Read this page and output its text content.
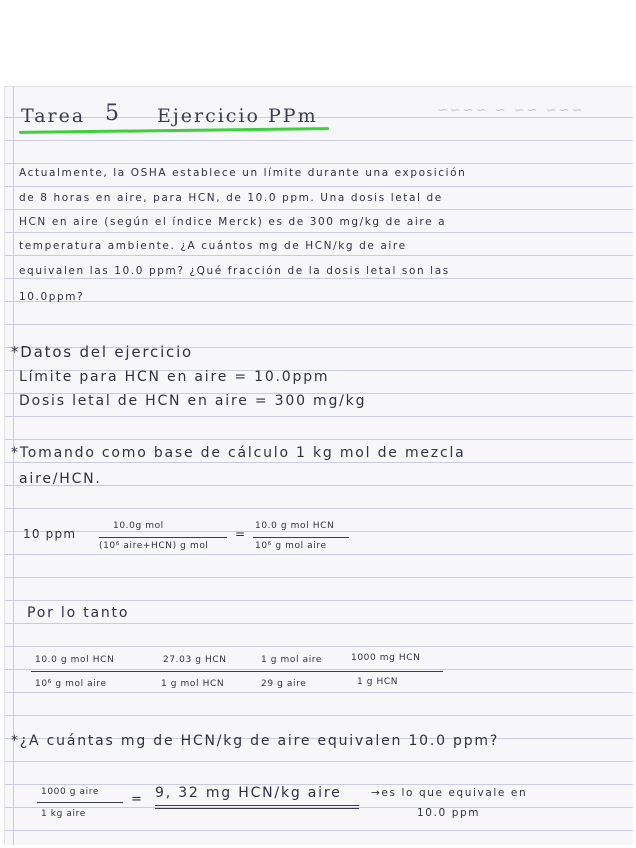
~~~ ~~ ~ ~~~~
Tarea 5 Ejercicio PPm
Actualmente, la OSHA establece un límite durante una exposición
de 8 horas en aire, para HCN, de 10.0 ppm. Una dosis letal de
HCN en aire (según el índice Merck) es de 300 mg/kg de aire a
temperatura ambiente. ¿A cuántos mg de HCN/kg de aire
equivalen las 10.0 ppm? ¿Qué fracción de la dosis letal son las
10.0ppm?
*Datos del ejercicio
Límite para HCN en aire = 10.0ppm
Dosis letal de HCN en aire = 300 mg/kg
*Tomando como base de cálculo 1 kg mol de mezcla
aire/HCN.
10 ppm
10.0g mol
(10⁶ aire+HCN) g mol
=
10.0 g mol HCN
10⁶ g mol aire
Por lo tanto
10.0 g mol HCN
10⁶ g mol aire
27.03 g HCN
1 g mol HCN
1 g mol aire
29 g aire
1000 mg HCN
1 g HCN
*¿A cuántas mg de HCN/kg de aire equivalen 10.0 ppm?
1000 g aire
1 kg aire
= 9, 32 mg HCN/kg aire	→es lo que equivale en
10.0 ppm
